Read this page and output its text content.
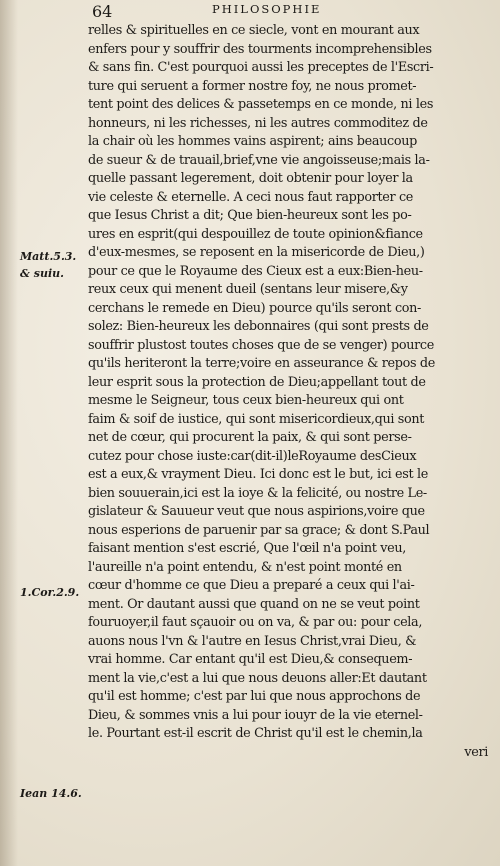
64	PHILOSOPHIE

Matt.5.3.

& suiu.

1.Cor.2.9.

Iean 14.6.

relles & spirituelles en ce siecle, vont en mourant aux
enfers pour y souffrir des tourments incomprehensibles
& sans fin. C'est pourquoi aussi les preceptes de l'Escri-
ture qui seruent a former nostre foy, ne nous promet-
tent point des delices & passetemps en ce monde, ni les
honneurs, ni les richesses, ni les autres commoditez de
la chair où les hommes vains aspirent; ains beaucoup
de sueur & de trauail,brief,vne vie angoisseuse;mais la-
quelle passant legerement, doit obtenir pour loyer la
vie celeste & eternelle. A ceci nous faut rapporter ce
que Iesus Christ a dit; Que bien-heureux sont les po-
ures en esprit(qui despouillez de toute opinion&fiance
d'eux-mesmes, se reposent en la misericorde de Dieu,)
pour ce que le Royaume des Cieux est a eux:Bien-heu-
reux ceux qui menent dueil (sentans leur misere,&y
cerchans le remede en Dieu) pource qu'ils seront con-
solez: Bien-heureux les debonnaires (qui sont prests de
souffrir plustost toutes choses que de se venger) pource
qu'ils heriteront la terre;voire en asseurance & repos de
leur esprit sous la protection de Dieu;appellant tout de
mesme le Seigneur, tous ceux bien-heureux qui ont
faim & soif de iustice, qui sont misericordieux,qui sont
net de cœur, qui procurent la paix, & qui sont perse-
cutez pour chose iuste:car(dit-il)leRoyaume desCieux
est a eux,& vrayment Dieu. Ici donc est le but, ici est le
bien souuerain,ici est la ioye & la felicité, ou nostre Le-
gislateur & Sauueur veut que nous aspirions,voire que
nous esperions de paruenir par sa grace; & dont S.Paul
faisant mention s'est escrié, Que l'œil n'a point veu,
l'aureille n'a point entendu, & n'est point monté en
cœur d'homme ce que Dieu a preparé a ceux qui l'ai-
ment. Or dautant aussi que quand on ne se veut point
fouruoyer,il faut sçauoir ou on va, & par ou: pour cela,
auons nous l'vn & l'autre en Iesus Christ,vrai Dieu, &
vrai homme. Car entant qu'il est Dieu,& consequem-
ment la vie,c'est a lui que nous deuons aller:Et dautant
qu'il est homme; c'est par lui que nous approchons de
Dieu, & sommes vnis a lui pour iouyr de la vie eternel-
le. Pourtant est-il escrit de Christ qu'il est le chemin,la
veri
